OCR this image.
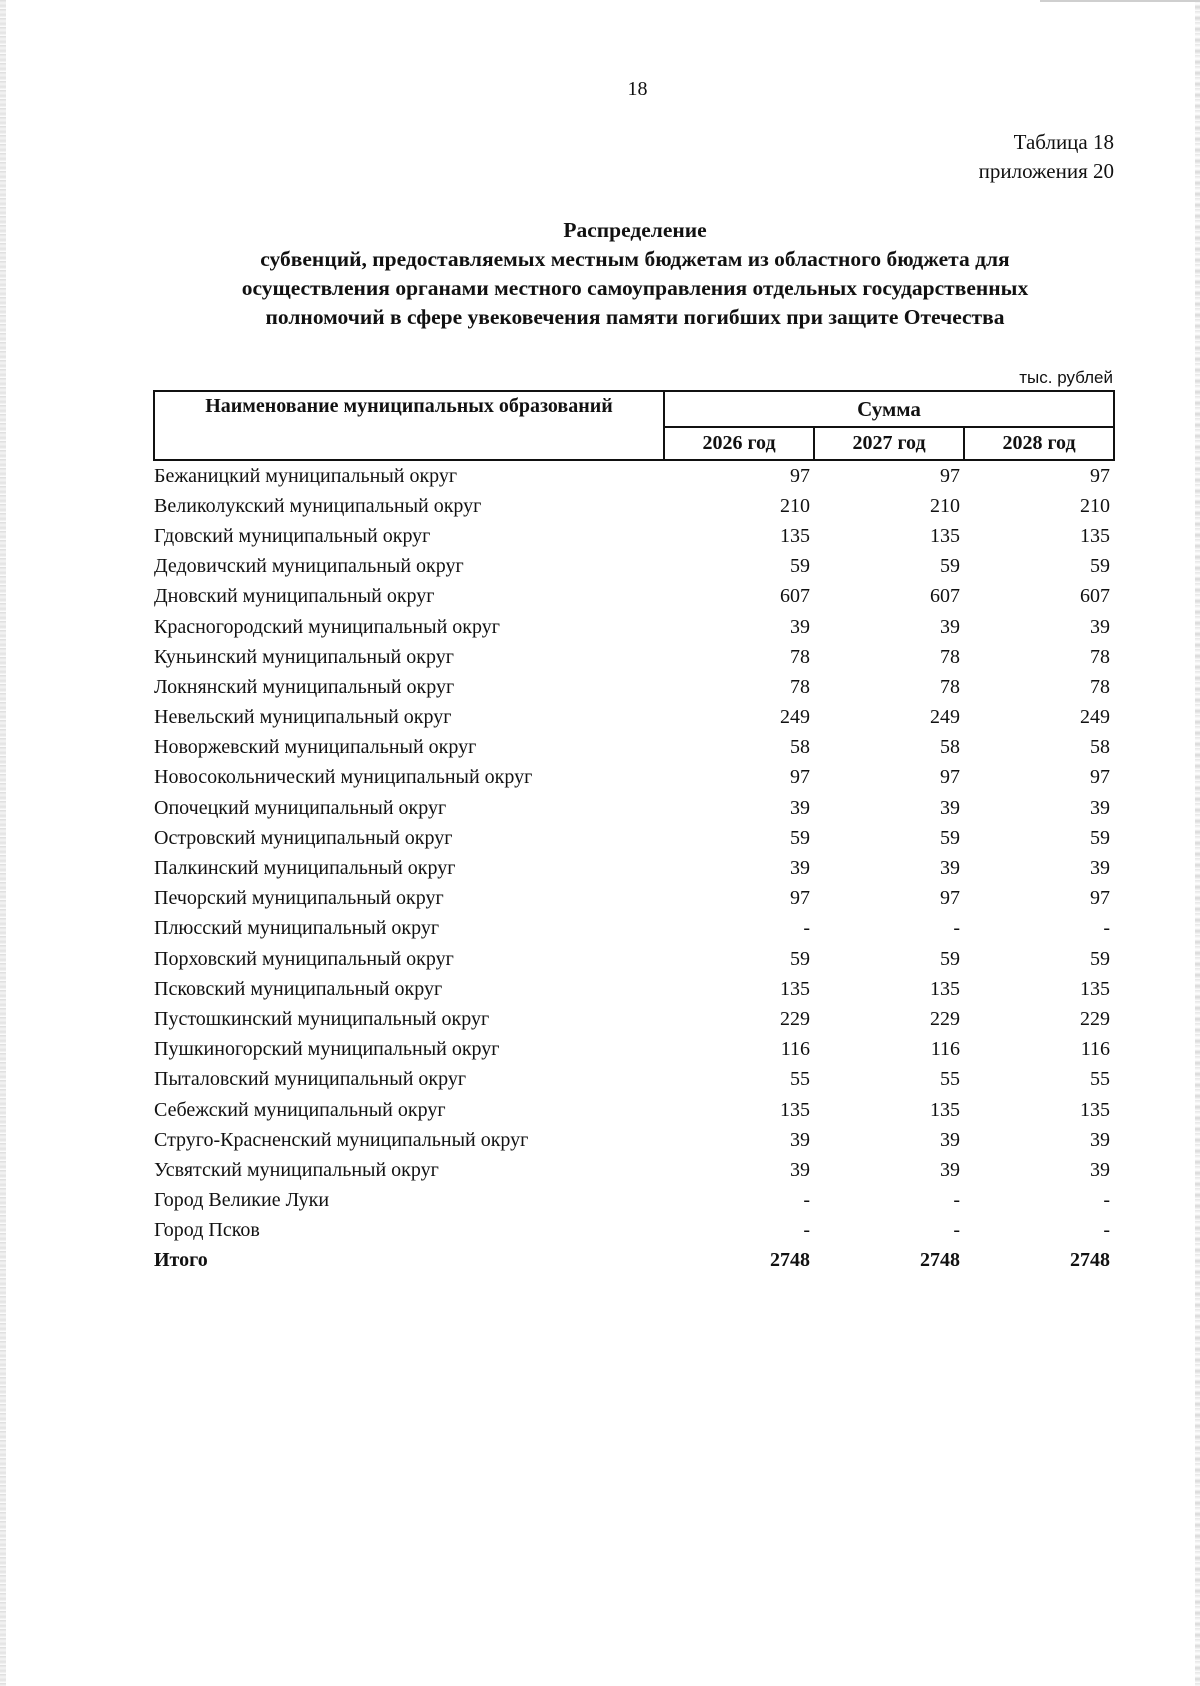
18
Таблица 18
приложения 20
Распределение
субвенций, предоставляемых местным бюджетам из областного бюджета для
осуществления органами местного самоуправления отдельных государственных
полномочий в сфере увековечения памяти погибших при защите Отечества
тыс. рублей
Наименование муниципальных образований	Сумма		
	2026 год	2027 год	2028 год
Бежаницкий муниципальный округ	97	97	97
Великолукский муниципальный округ	210	210	210
Гдовский муниципальный округ	135	135	135
Дедовичский муниципальный округ	59	59	59
Дновский муниципальный округ	607	607	607
Красногородский муниципальный округ	39	39	39
Куньинский муниципальный округ	78	78	78
Локнянский муниципальный округ	78	78	78
Невельский муниципальный округ	249	249	249
Новоржевский муниципальный округ	58	58	58
Новосокольнический муниципальный округ	97	97	97
Опочецкий муниципальный округ	39	39	39
Островский муниципальный округ	59	59	59
Палкинский муниципальный округ	39	39	39
Печорский муниципальный округ	97	97	97
Плюсский муниципальный округ	-	-	-
Порховский муниципальный округ	59	59	59
Псковский муниципальный округ	135	135	135
Пустошкинский муниципальный округ	229	229	229
Пушкиногорский муниципальный округ	116	116	116
Пыталовский муниципальный округ	55	55	55
Себежский муниципальный округ	135	135	135
Струго-Красненский муниципальный округ	39	39	39
Усвятский муниципальный округ	39	39	39
Город Великие Луки	-	-	-
Город Псков	-	-	-
Итого	2748	2748	2748
